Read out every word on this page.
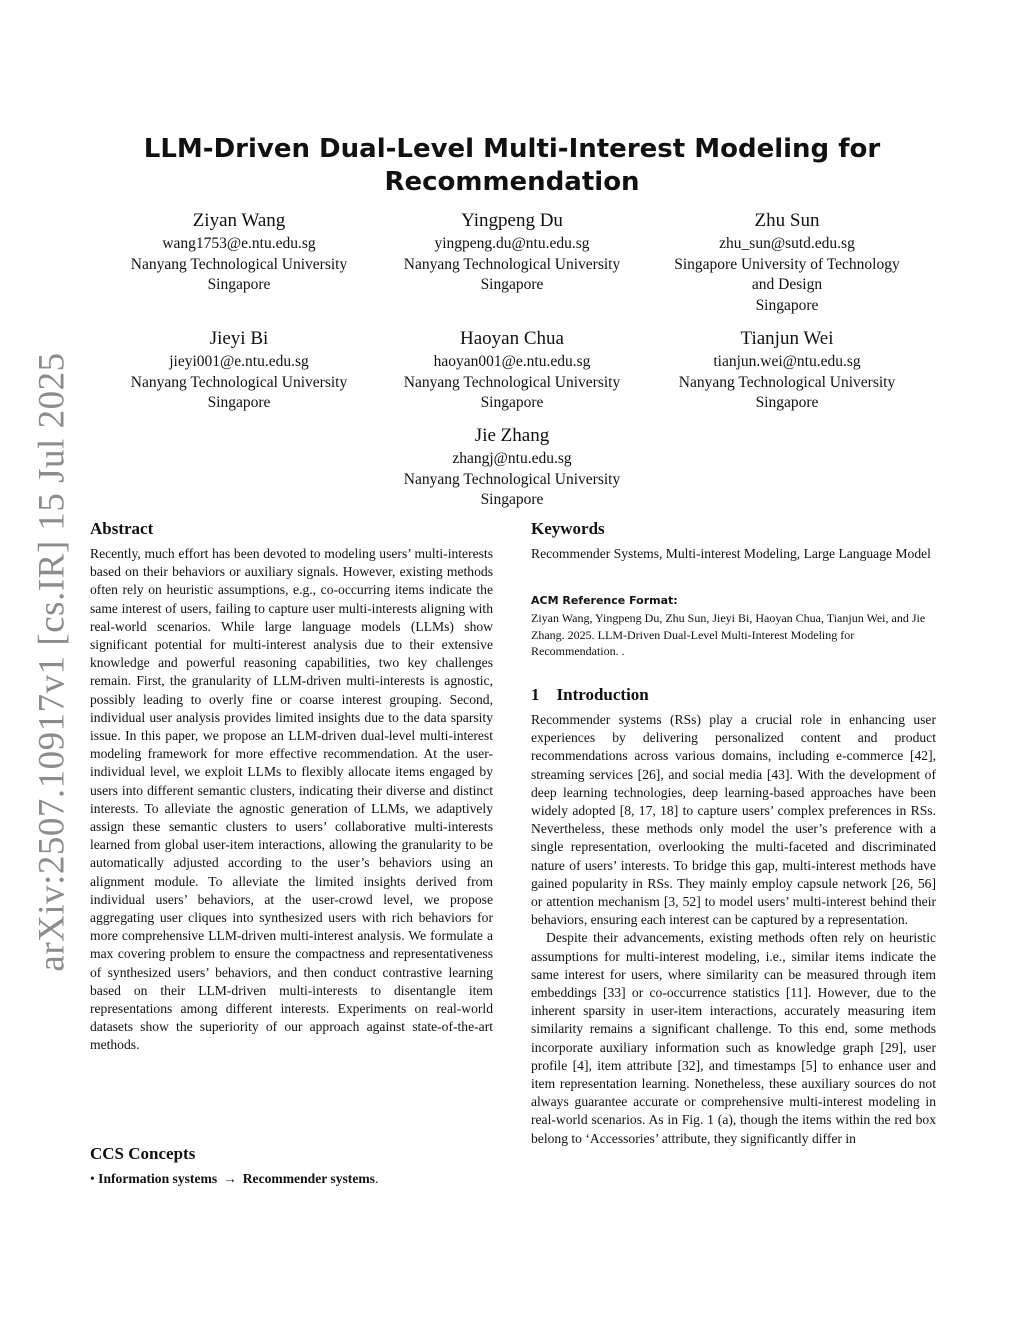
arXiv:2507.10917v1 [cs.IR] 15 Jul 2025
LLM-Driven Dual-Level Multi-Interest Modeling for Recommendation
Ziyan Wang
wang1753@e.ntu.edu.sg
Nanyang Technological University
Singapore
Yingpeng Du
yingpeng.du@ntu.edu.sg
Nanyang Technological University
Singapore
Zhu Sun
zhu_sun@sutd.edu.sg
Singapore University of Technology
and Design
Singapore
Jieyi Bi
jieyi001@e.ntu.edu.sg
Nanyang Technological University
Singapore
Haoyan Chua
haoyan001@e.ntu.edu.sg
Nanyang Technological University
Singapore
Tianjun Wei
tianjun.wei@ntu.edu.sg
Nanyang Technological University
Singapore
Jie Zhang
zhangj@ntu.edu.sg
Nanyang Technological University
Singapore
Abstract

Recently, much effort has been devoted to modeling users’ multi-interests based on their behaviors or auxiliary signals. However, existing methods often rely on heuristic assumptions, e.g., co-occurring items indicate the same interest of users, failing to capture user multi-interests aligning with real-world scenarios. While large language models (LLMs) show significant potential for multi-interest analysis due to their extensive knowledge and powerful reasoning capabilities, two key challenges remain. First, the granularity of LLM-driven multi-interests is agnostic, possibly leading to overly fine or coarse interest grouping. Second, individual user analysis provides limited insights due to the data sparsity issue. In this paper, we propose an LLM-driven dual-level multi-interest modeling framework for more effective recommendation. At the user-individual level, we exploit LLMs to flexibly allocate items engaged by users into different semantic clusters, indicating their diverse and distinct interests. To alleviate the agnostic generation of LLMs, we adaptively assign these semantic clusters to users’ collaborative multi-interests learned from global user-item interactions, allowing the granularity to be automatically adjusted according to the user’s behaviors using an alignment module. To alleviate the limited insights derived from individual users’ behaviors, at the user-crowd level, we propose aggregating user cliques into synthesized users with rich behaviors for more comprehensive LLM-driven multi-interest analysis. We formulate a max covering problem to ensure the compactness and representativeness of synthesized users’ behaviors, and then conduct contrastive learning based on their LLM-driven multi-interests to disentangle item representations among different interests. Experiments on real-world datasets show the superiority of our approach against state-of-the-art methods.

CCS Concepts

• Information systems → Recommender systems.

Keywords

Recommender Systems, Multi-interest Modeling, Large Language Model

ACM Reference Format:

Ziyan Wang, Yingpeng Du, Zhu Sun, Jieyi Bi, Haoyan Chua, Tianjun Wei, and Jie Zhang. 2025. LLM-Driven Dual-Level Multi-Interest Modeling for Recommendation. .

1 Introduction

Recommender systems (RSs) play a crucial role in enhancing user experiences by delivering personalized content and product recommendations across various domains, including e-commerce [42], streaming services [26], and social media [43]. With the development of deep learning technologies, deep learning-based approaches have been widely adopted [8, 17, 18] to capture users’ complex preferences in RSs. Nevertheless, these methods only model the user’s preference with a single representation, overlooking the multi-faceted and discriminated nature of users’ interests. To bridge this gap, multi-interest methods have gained popularity in RSs. They mainly employ capsule network [26, 56] or attention mechanism [3, 52] to model users’ multi-interest behind their behaviors, ensuring each interest can be captured by a representation.

Despite their advancements, existing methods often rely on heuristic assumptions for multi-interest modeling, i.e., similar items indicate the same interest for users, where similarity can be measured through item embeddings [33] or co-occurrence statistics [11]. However, due to the inherent sparsity in user-item interactions, accurately measuring item similarity remains a significant challenge. To this end, some methods incorporate auxiliary information such as knowledge graph [29], user profile [4], item attribute [32], and timestamps [5] to enhance user and item representation learning. Nonetheless, these auxiliary sources do not always guarantee accurate or comprehensive multi-interest modeling in real-world scenarios. As in Fig. 1 (a), though the items within the red box belong to ‘Accessories’ attribute, they significantly differ in
